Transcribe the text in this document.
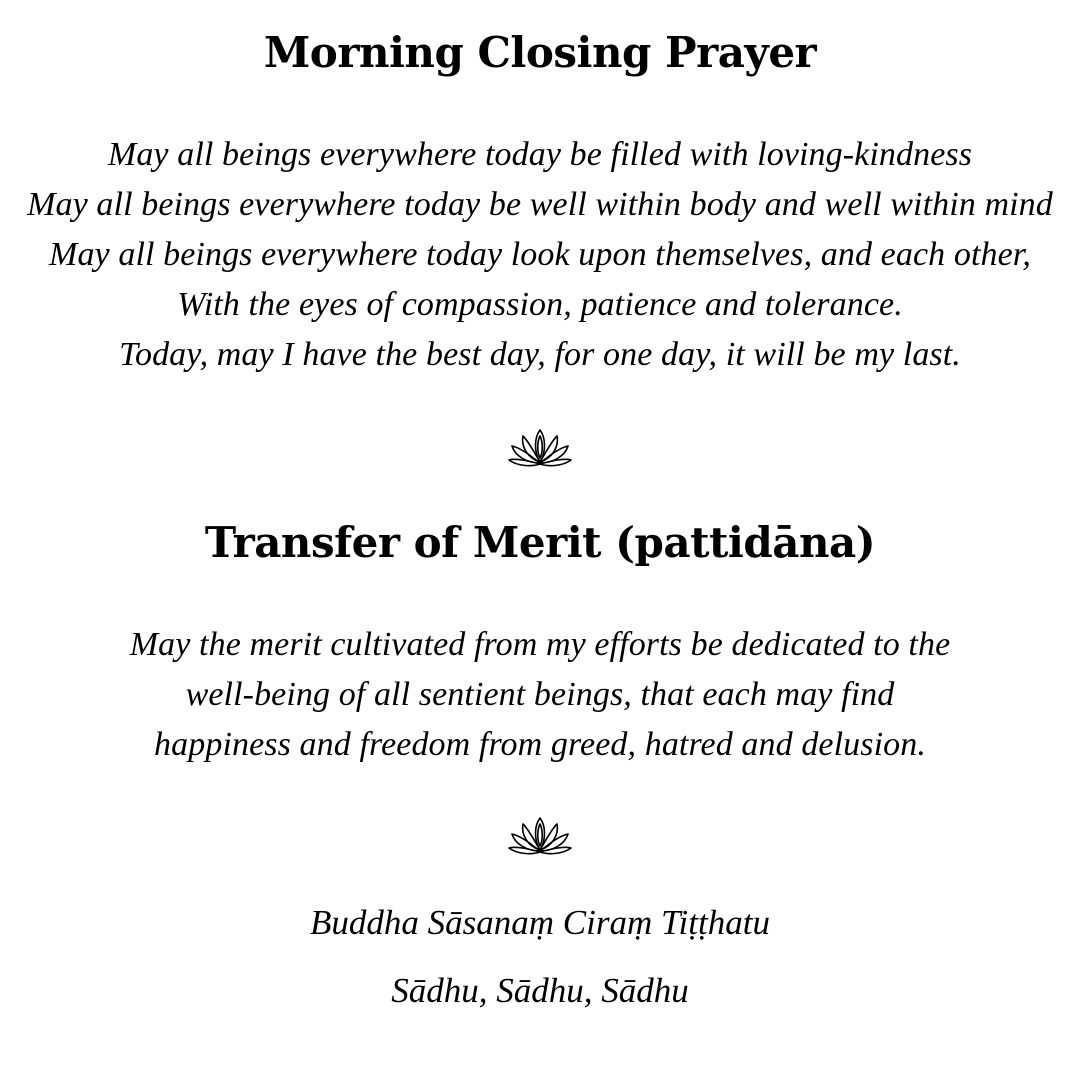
Morning Closing Prayer
May all beings everywhere today be filled with loving-kindness
May all beings everywhere today be well within body and well within mind
May all beings everywhere today look upon themselves, and each other,
With the eyes of compassion, patience and tolerance.
Today, may I have the best day, for one day, it will be my last.
Transfer of Merit (pattidāna)
May the merit cultivated from my efforts be dedicated to the
well-being of all sentient beings, that each may find
happiness and freedom from greed, hatred and delusion.

Buddha Sāsanaṃ Ciraṃ Tiṭṭhatu

Sādhu, Sādhu, Sādhu
